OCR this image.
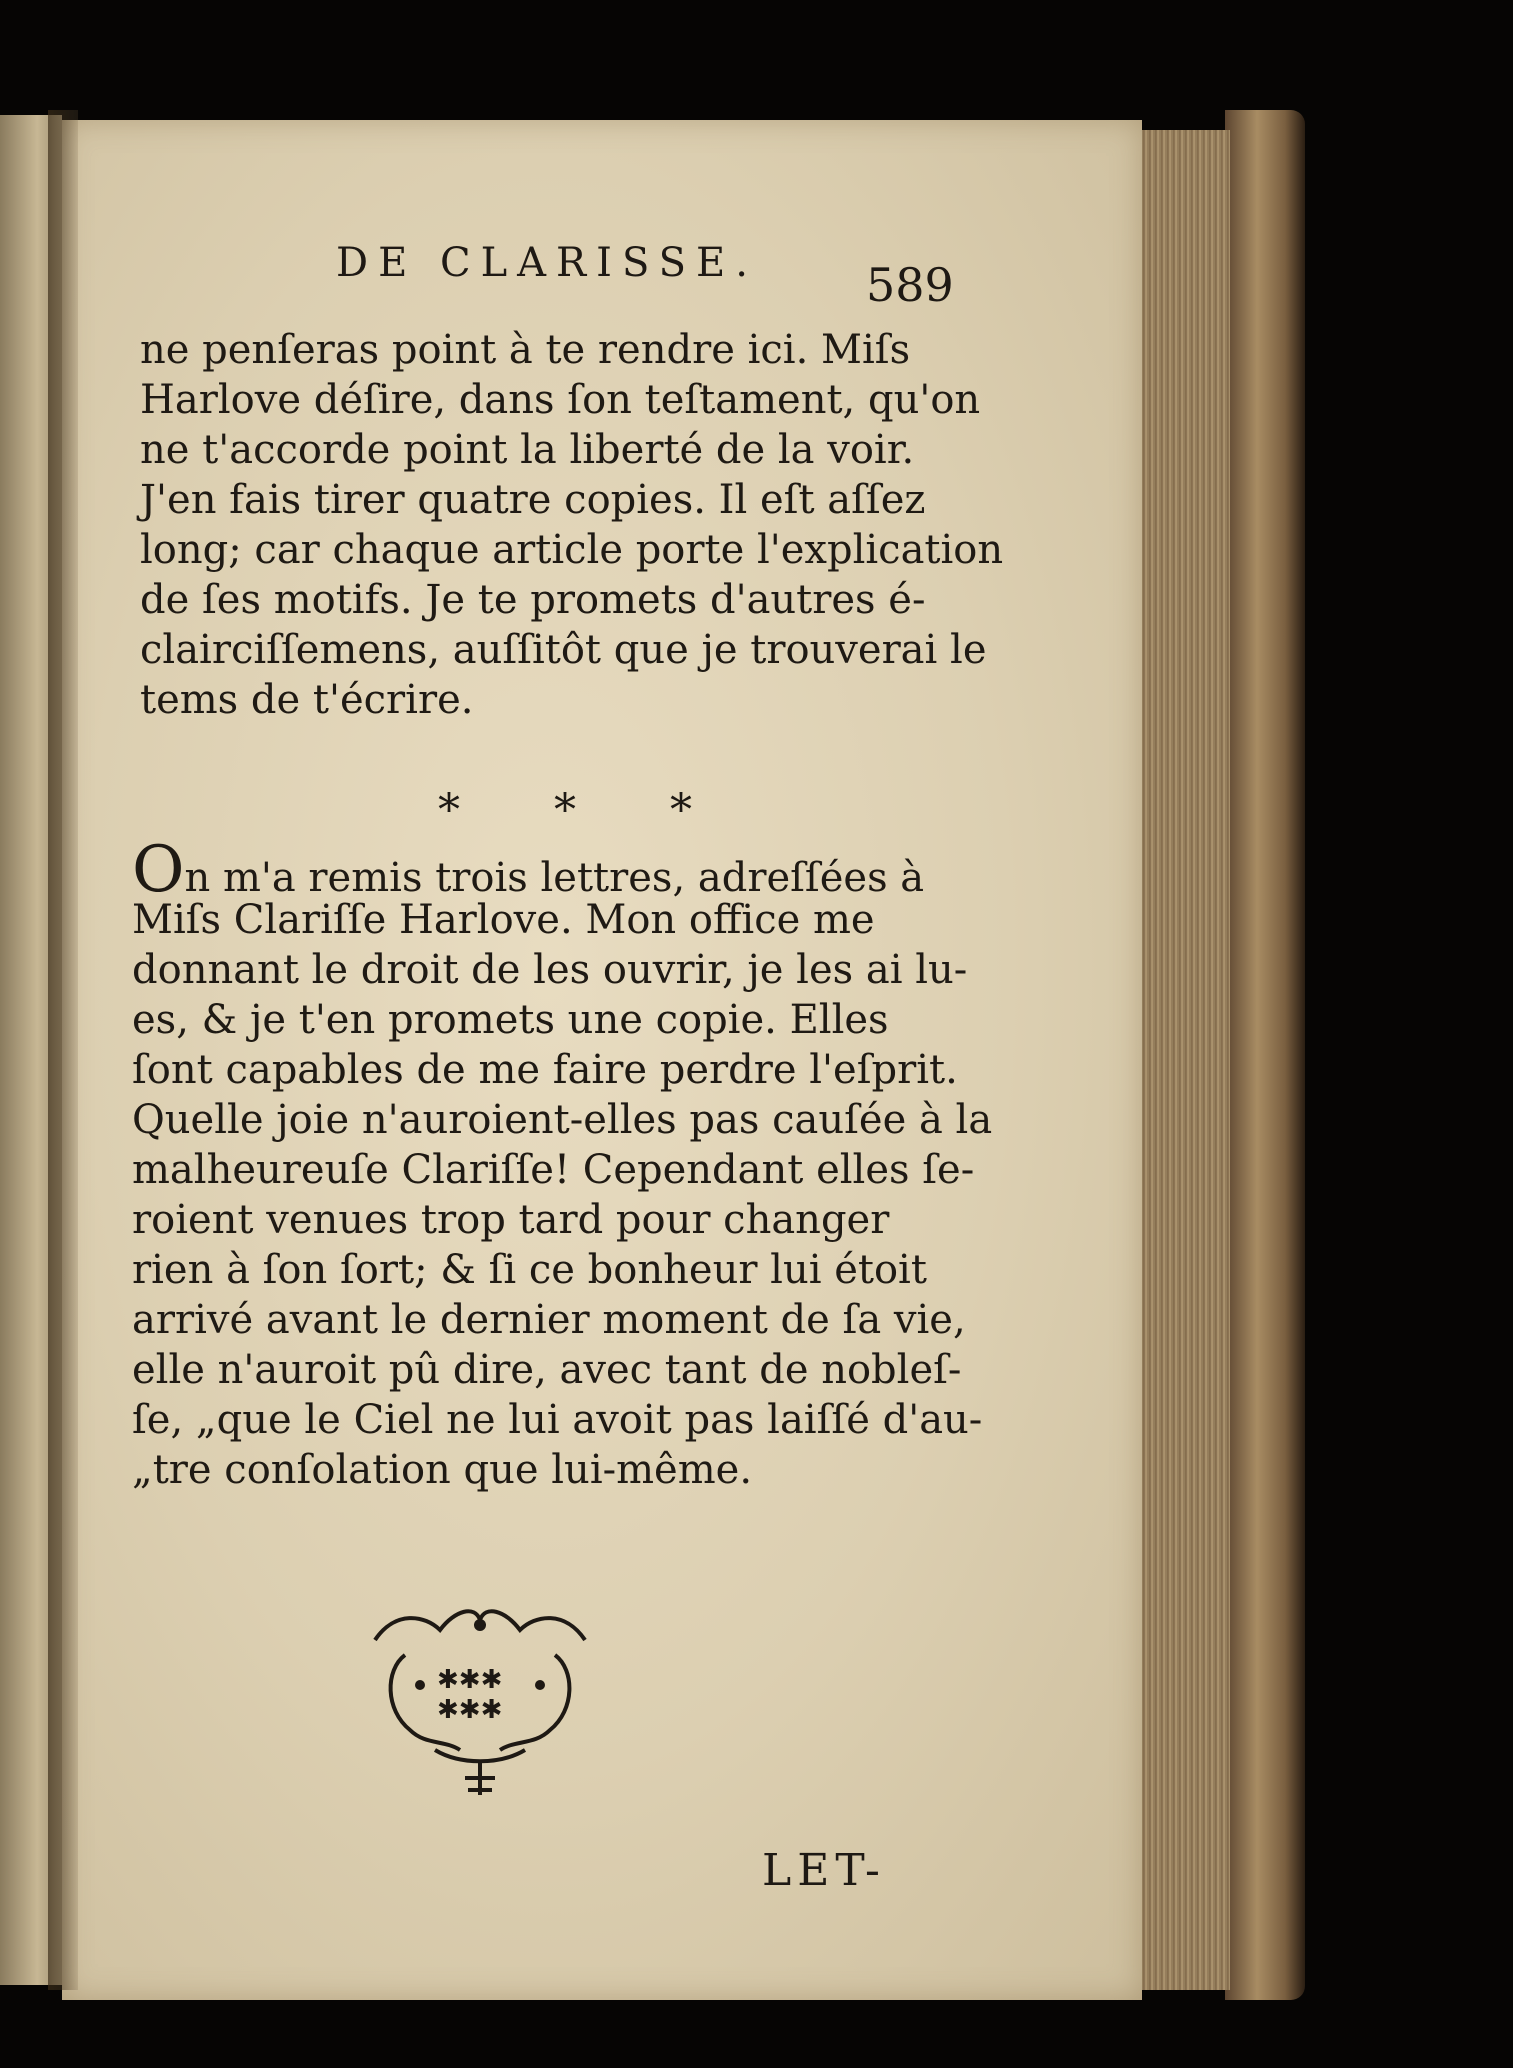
DE CLARISSE. 589
ne penſeras point à te rendre ici. Miſs
Harlove déſire, dans ſon teſtament, qu'on
ne t'accorde point la liberté de la voir.
J'en fais tirer quatre copies. Il eſt aſſez
long; car chaque article porte l'explication
de ſes motifs. Je te promets d'autres é-
clairciſſemens, auſſitôt que je trouverai le
tems de t'écrire.
* * *
On m'a remis trois lettres, adreſſées à
Miſs Clariſſe Harlove. Mon office me
donnant le droit de les ouvrir, je les ai lu-
es, & je t'en promets une copie. Elles
ſont capables de me faire perdre l'eſprit.
Quelle joie n'auroient-elles pas cauſée à la
malheureuſe Clariſſe! Cependant elles ſe-
roient venues trop tard pour changer
rien à ſon ſort; & ſi ce bonheur lui étoit
arrivé avant le dernier moment de ſa vie,
elle n'auroit pû dire, avec tant de nobleſ-
ſe, „que le Ciel ne lui avoit pas laiſſé d'au-
„tre conſolation que lui-même.
✱✱✱
✱✱✱
LET-
